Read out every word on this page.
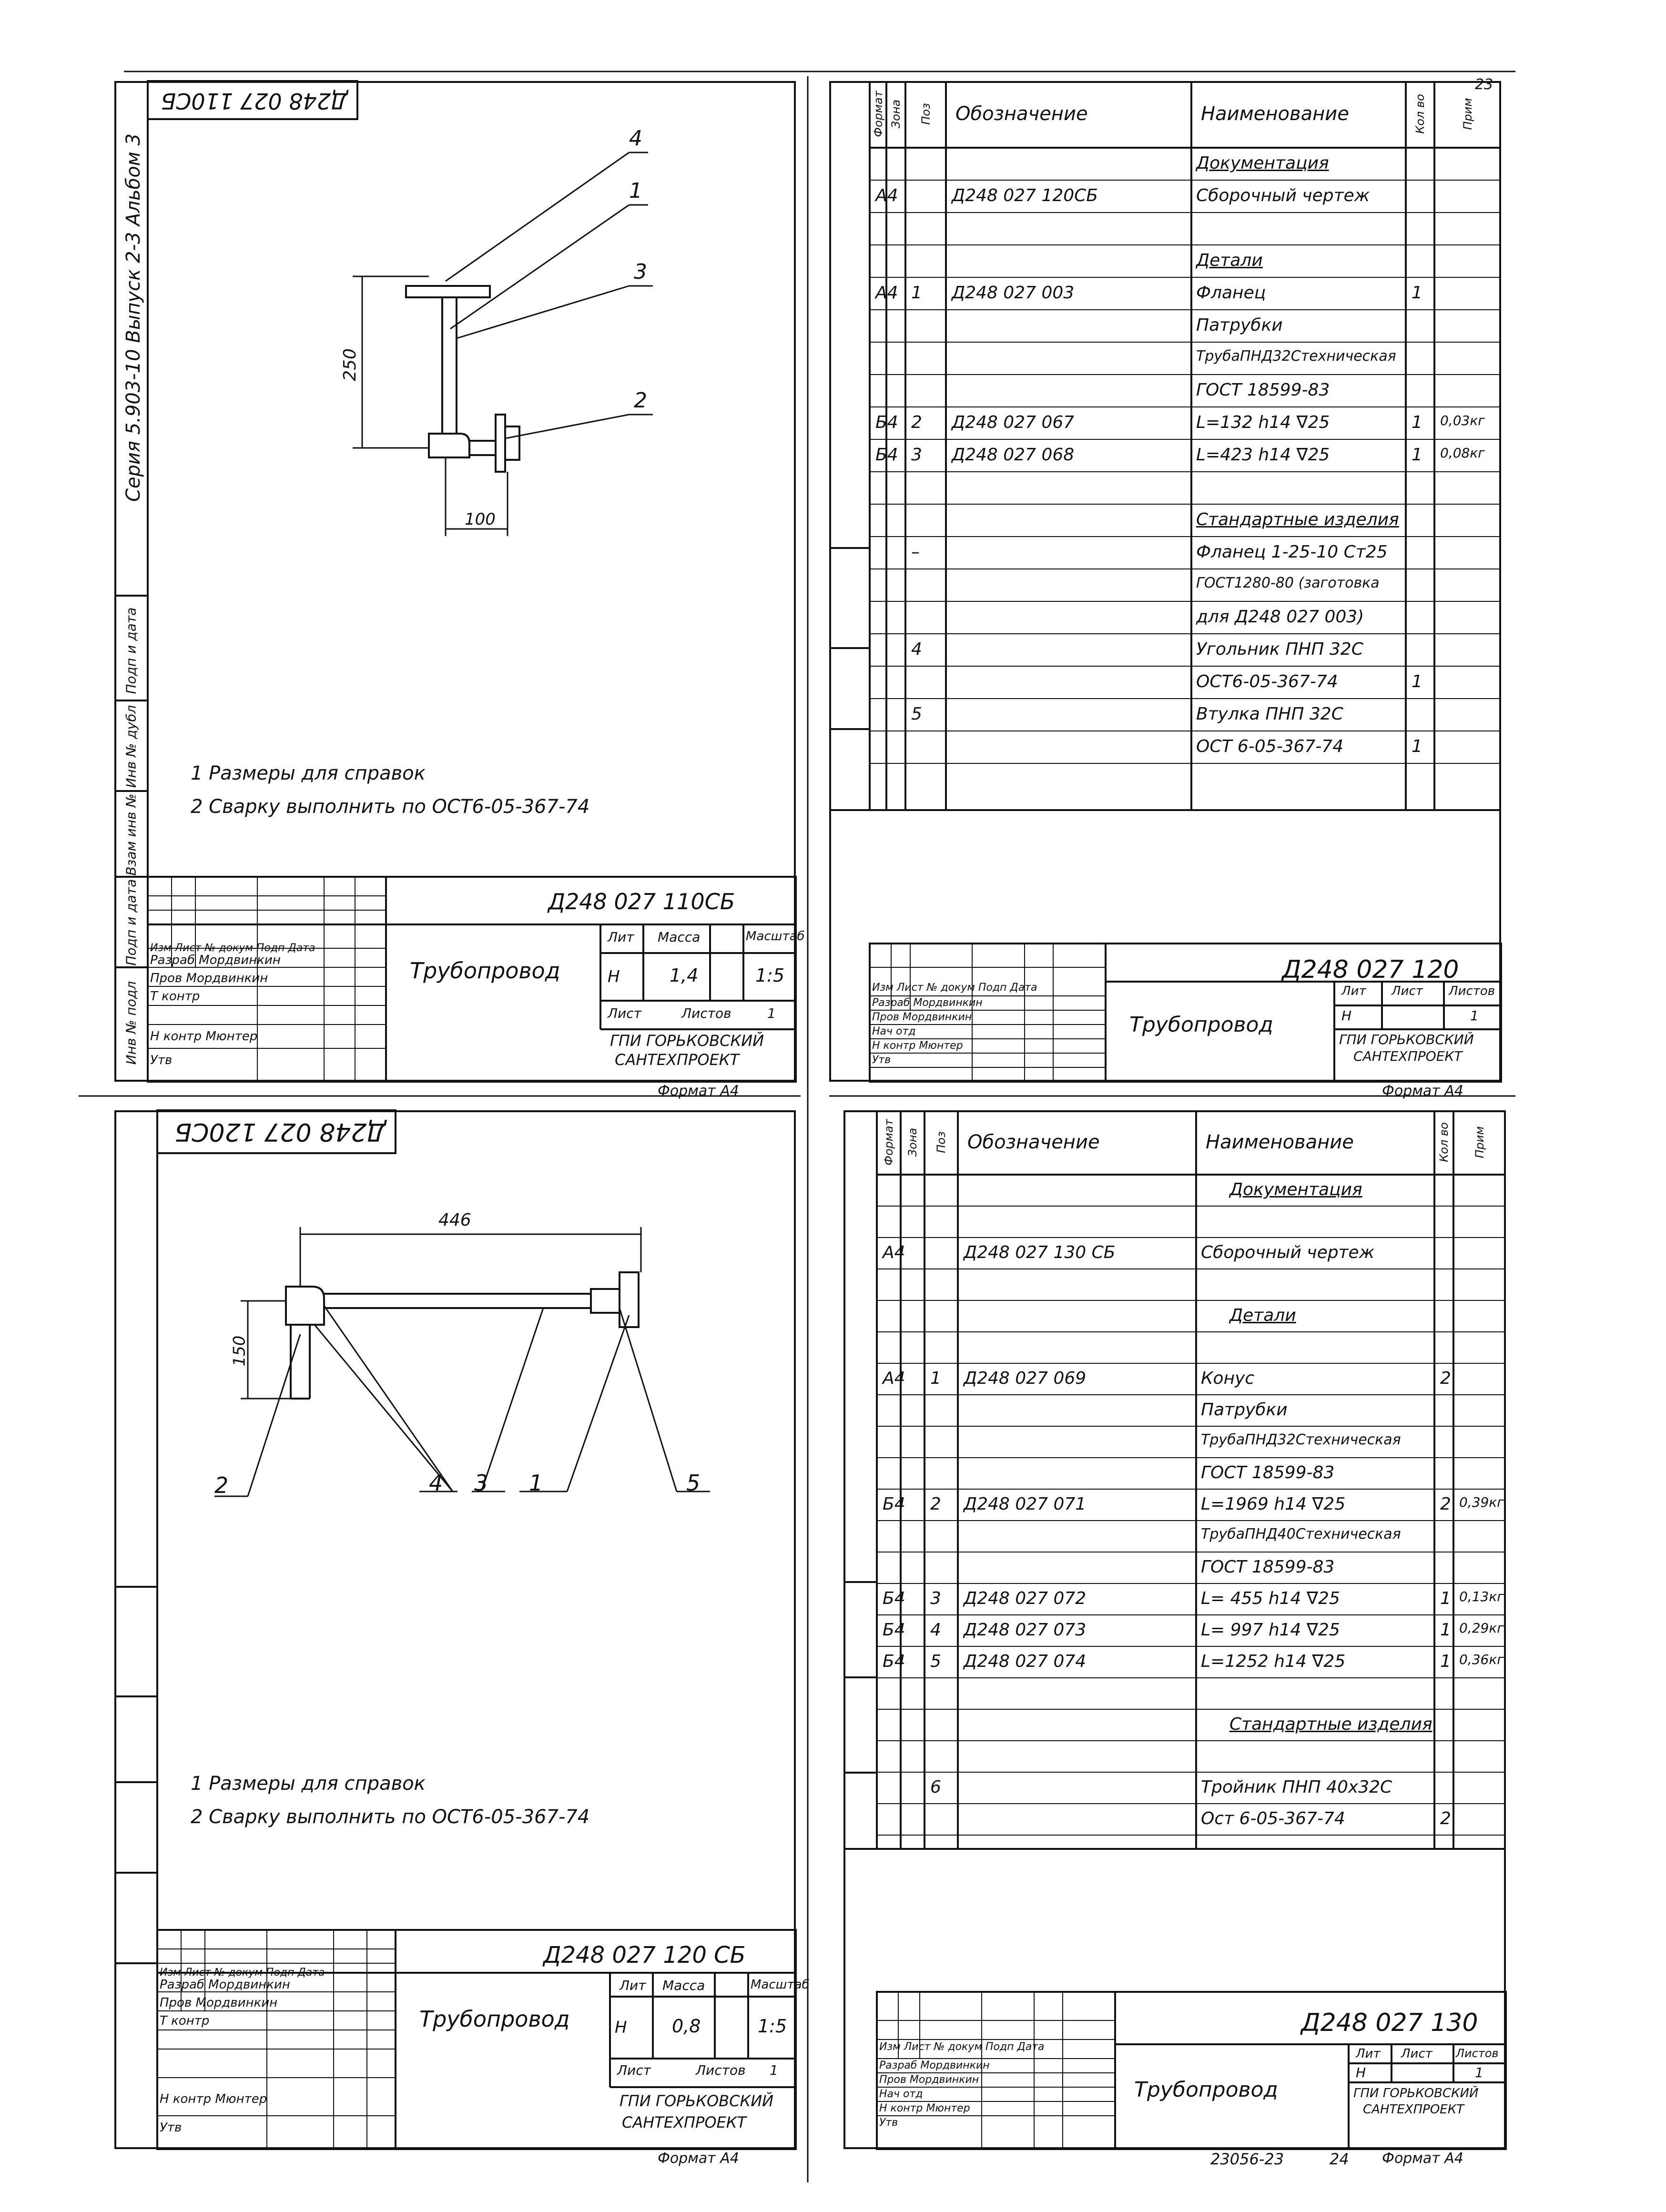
Д248 027 110СБ
Серия 5.903-10 Выпуск 2-3 Альбом 3	250
100
4
1
3
2
1 Размеры для справок
2 Сварку выполнить по ОСТ6-05-367-74
Инв № подл
Подп и дата
Взам инв №
Инв № дубл
Подп и дата
Д248 027 110СБ
Трубопровод
Лит Масса	Масштаб
Н	1,4	1:5
Лист	Листов	1
ГПИ ГОРЬКОВСКИЙ
САНТЕХПРОЕКТ
Изм Лист № докум Подп Дата
Разраб Мордвинкин
Пров Мордвинкин
Т контр
Н контр Мюнтер
Утв
Формат А4
23
Формат Зона Поз Обозначение	Наименование	Кол во	Прим
Документация
А4	Д248 027 120СБ	Сборочный чертеж
Детали
А4 1 Д248 027 003	Фланец	1
Патрубки
ТрубаПНД32Стехническая
ГОСТ 18599-83
Б4 2 Д248 027 067	L=132 h14 ∇25	1 0,03кг
Б4 3 Д248 027 068	L=423 h14 ∇25	1 0,08кг
Стандартные изделия
–	Фланец 1-25-10 Ст25
ГОСТ1280-80 (заготовка
для Д248 027 003)
4	Угольник ПНП 32С
ОСТ6-05-367-74	1
5	Втулка ПНП 32С
ОСТ 6-05-367-74	1
Д248 027 120
Трубопровод
Лит Лист Листов
Н	1
ГПИ ГОРЬКОВСКИЙ
САНТЕХПРОЕКТ
Изм Лист № докум Подп Дата
Разраб Мордвинкин
Пров Мордвинкин
Нач отд
Н контр Мюнтер
Утв
Формат А4
Д248 027 120СБ
446
150
2	4 3 1	5
1 Размеры для справок
2 Сварку выполнить по ОСТ6-05-367-74
Д248 027 120 СБ
Трубопровод
Лит Масса	Масштаб
Н 0,8	1:5
Лист	Листов 1
ГПИ ГОРЬКОВСКИЙ
САНТЕХПРОЕКТ
Изм Лист № докум Подп Дата
Разраб Мордвинкин
Пров Мордвинкин
Т контр
Н контр Мюнтер
Утв
Формат А4
Формат Зона Поз Обозначение	Наименование	Кол во Прим
Документация
А4	Д248 027 130 СБ	Сборочный чертеж
Детали
А4 1 Д248 027 069	Конус	2
Патрубки
ТрубаПНД32Стехническая
ГОСТ 18599-83
Б4 2 Д248 027 071	L=1969 h14 ∇25	2 0,39кг
ТрубаПНД40Стехническая
ГОСТ 18599-83
Б4 3 Д248 027 072	L= 455 h14 ∇25	1 0,13кг
Б4 4 Д248 027 073	L= 997 h14 ∇25	1 0,29кг
Б4 5 Д248 027 074	L=1252 h14 ∇25	1 0,36кг
Стандартные изделия
6	Тройник ПНП 40х32С
Ост 6-05-367-74	2
Д248 027 130
Трубопровод
Лит Лист Листов
Н	1
ГПИ ГОРЬКОВСКИЙ
САНТЕХПРОЕКТ
Изм Лист № докум Подп Дата
Разраб Мордвинкин
Пров Мордвинкин
Нач отд
Н контр Мюнтер
Утв
23056-23	24 Формат А4
